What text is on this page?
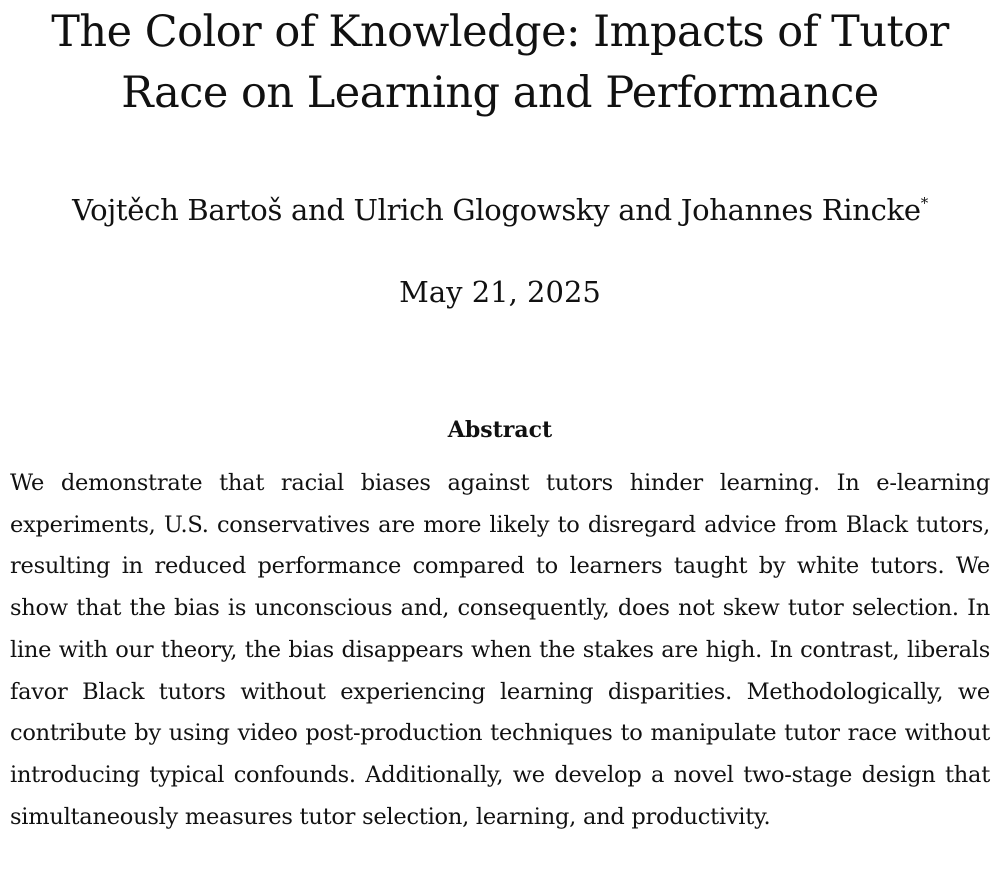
The Color of Knowledge: Impacts of Tutor
Race on Learning and Performance

Vojtěch Bartoš and Ulrich Glogowsky and Johannes Rincke*

May 21, 2025

Abstract

We demonstrate that racial biases against tutors hinder learning. In e-learning experiments, U.S. conservatives are more likely to disregard advice from Black tutors, resulting in reduced performance compared to learners taught by white tutors. We show that the bias is unconscious and, consequently, does not skew tutor selection. In line with our theory, the bias disappears when the stakes are high. In contrast, liberals favor Black tutors without experiencing learning disparities. Methodologically, we contribute by using video post-production techniques to manipulate tutor race without introducing typical confounds. Additionally, we develop a novel two-stage design that simultaneously measures tutor selection, learning, and productivity.
